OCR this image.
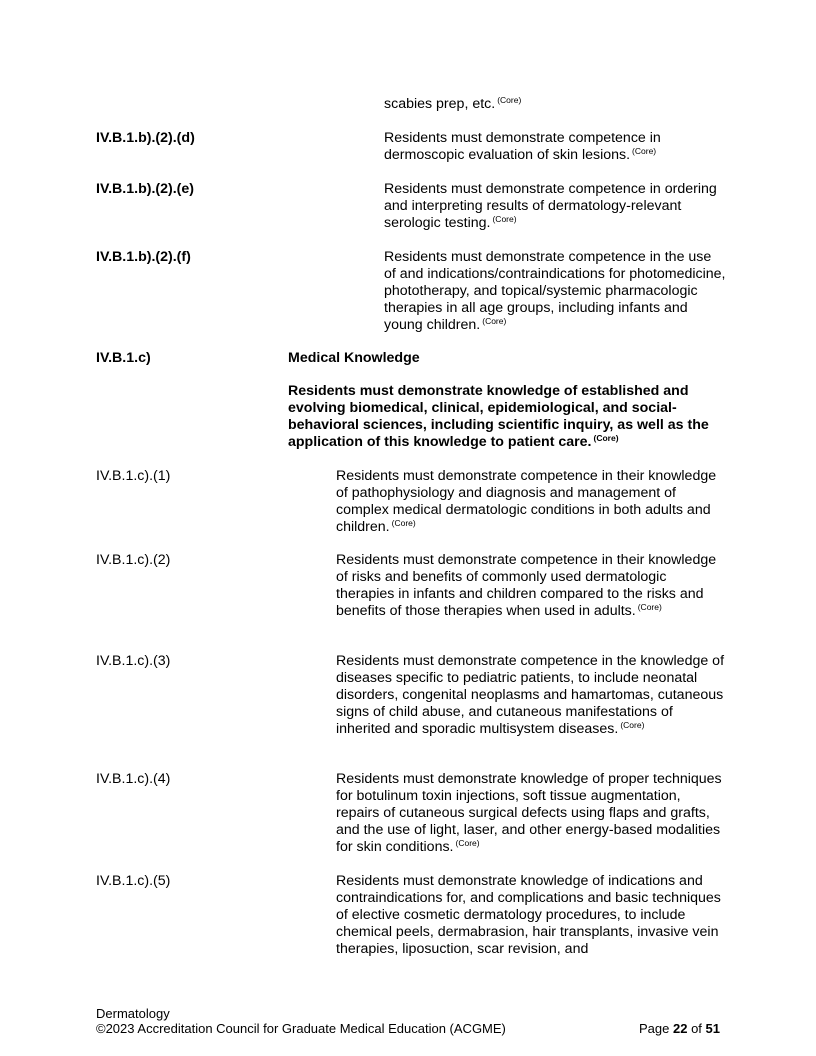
scabies prep, etc. $^{(Core)}$
IV.B.1.b).(2).(d)	Residents must demonstrate competence in dermoscopic evaluation of skin lesions. $^{(Core)}$
IV.B.1.b).(2).(e)	Residents must demonstrate competence in ordering and interpreting results of dermatology-relevant serologic testing. $^{(Core)}$
IV.B.1.b).(2).(f)	Residents must demonstrate competence in the use of and indications/contraindications for photomedicine, phototherapy, and topical/systemic pharmacologic therapies in all age groups, including infants and young children. $^{(Core)}$
IV.B.1.c)	Medical Knowledge
Residents must demonstrate knowledge of established and evolving biomedical, clinical, epidemiological, and social-behavioral sciences, including scientific inquiry, as well as the application of this knowledge to patient care. $^{(Core)}$
IV.B.1.c).(1)	Residents must demonstrate competence in their knowledge of pathophysiology and diagnosis and management of complex medical dermatologic conditions in both adults and children. $^{(Core)}$
IV.B.1.c).(2)	Residents must demonstrate competence in their knowledge of risks and benefits of commonly used dermatologic therapies in infants and children compared to the risks and benefits of those therapies when used in adults. $^{(Core)}$
IV.B.1.c).(3)	Residents must demonstrate competence in the knowledge of diseases specific to pediatric patients, to include neonatal disorders, congenital neoplasms and hamartomas, cutaneous signs of child abuse, and cutaneous manifestations of inherited and sporadic multisystem diseases. $^{(Core)}$
IV.B.1.c).(4)	Residents must demonstrate knowledge of proper techniques for botulinum toxin injections, soft tissue augmentation, repairs of cutaneous surgical defects using flaps and grafts, and the use of light, laser, and other energy-based modalities for skin conditions. $^{(Core)}$
IV.B.1.c).(5)	Residents must demonstrate knowledge of indications and contraindications for, and complications and basic techniques of elective cosmetic dermatology procedures, to include chemical peels, dermabrasion, hair transplants, invasive vein therapies, liposuction, scar revision, and
Dermatology
©2023 Accreditation Council for Graduate Medical Education (ACGME)	Page 22 of 51
